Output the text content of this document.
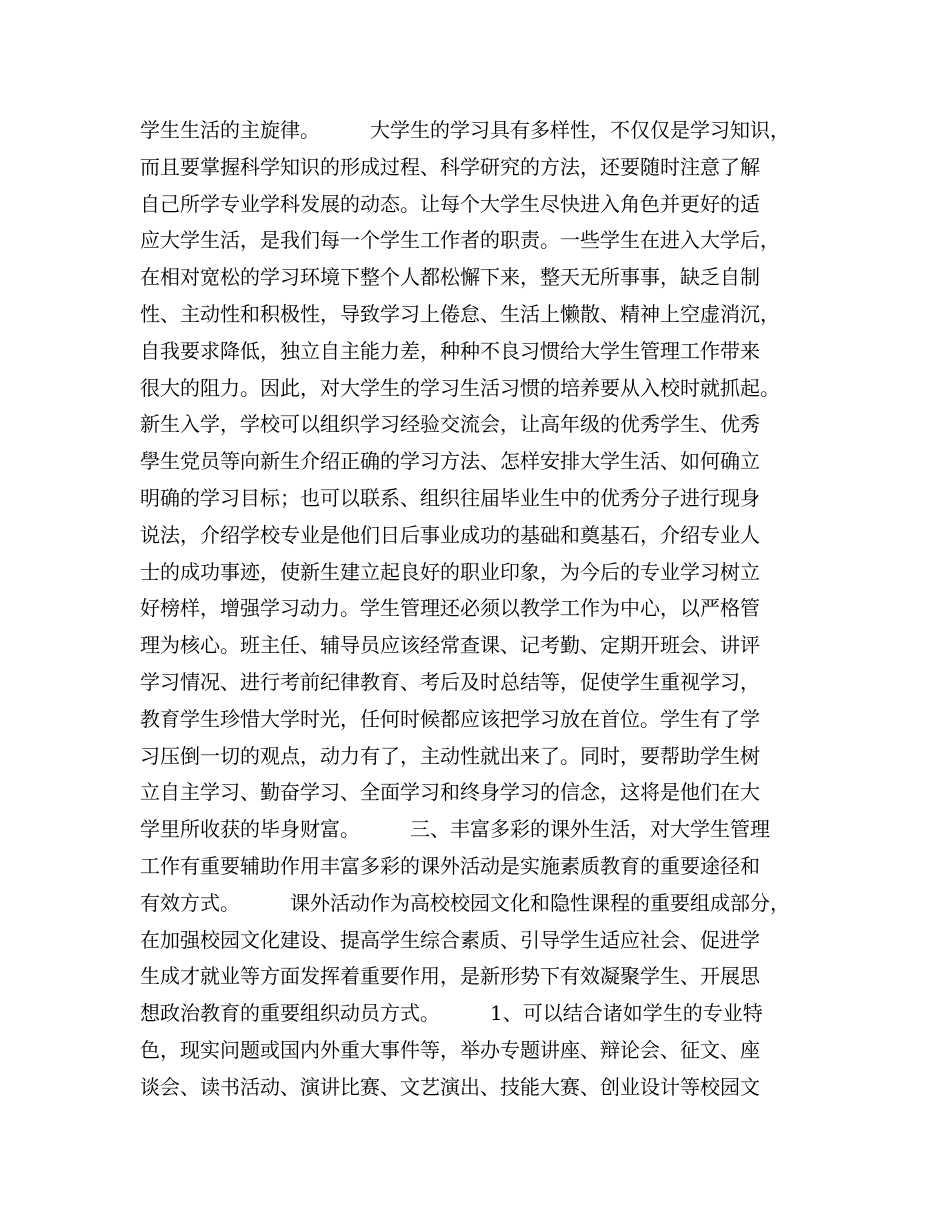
学生生活的主旋律。　　　大学生的学习具有多样性，不仅仅是学习知识，
而且要掌握科学知识的形成过程、科学研究的方法，还要随时注意了解
自己所学专业学科发展的动态。让每个大学生尽快进入角色并更好的适
应大学生活，是我们每一个学生工作者的职责。一些学生在进入大学后，
在相对宽松的学习环境下整个人都松懈下来，整天无所事事，缺乏自制
性、主动性和积极性，导致学习上倦怠、生活上懒散、精神上空虚消沉，
自我要求降低，独立自主能力差，种种不良习惯给大学生管理工作带来
很大的阻力。因此，对大学生的学习生活习惯的培养要从入校时就抓起。
新生入学，学校可以组织学习经验交流会，让高年级的优秀学生、优秀
學生党员等向新生介绍正确的学习方法、怎样安排大学生活、如何确立
明确的学习目标；也可以联系、组织往届毕业生中的优秀分子进行现身
说法，介绍学校专业是他们日后事业成功的基础和奠基石，介绍专业人
士的成功事迹，使新生建立起良好的职业印象，为今后的专业学习树立
好榜样，增强学习动力。学生管理还必须以教学工作为中心，以严格管
理为核心。班主任、辅导员应该经常查课、记考勤、定期开班会、讲评
学习情况、进行考前纪律教育、考后及时总结等，促使学生重视学习，
教育学生珍惜大学时光，任何时候都应该把学习放在首位。学生有了学
习压倒一切的观点，动力有了，主动性就出来了。同时，要帮助学生树
立自主学习、勤奋学习、全面学习和终身学习的信念，这将是他们在大
学里所收获的毕身财富。　　　三、丰富多彩的课外生活，对大学生管理
工作有重要辅助作用丰富多彩的课外活动是实施素质教育的重要途径和
有效方式。　　　课外活动作为高校校园文化和隐性课程的重要组成部分，
在加强校园文化建设、提高学生综合素质、引导学生适应社会、促进学
生成才就业等方面发挥着重要作用，是新形势下有效凝聚学生、开展思
想政治教育的重要组织动员方式。　　　1、可以结合诸如学生的专业特
色，现实问题或国内外重大事件等，举办专题讲座、辩论会、征文、座
谈会、读书活动、演讲比赛、文艺演出、技能大赛、创业设计等校园文
